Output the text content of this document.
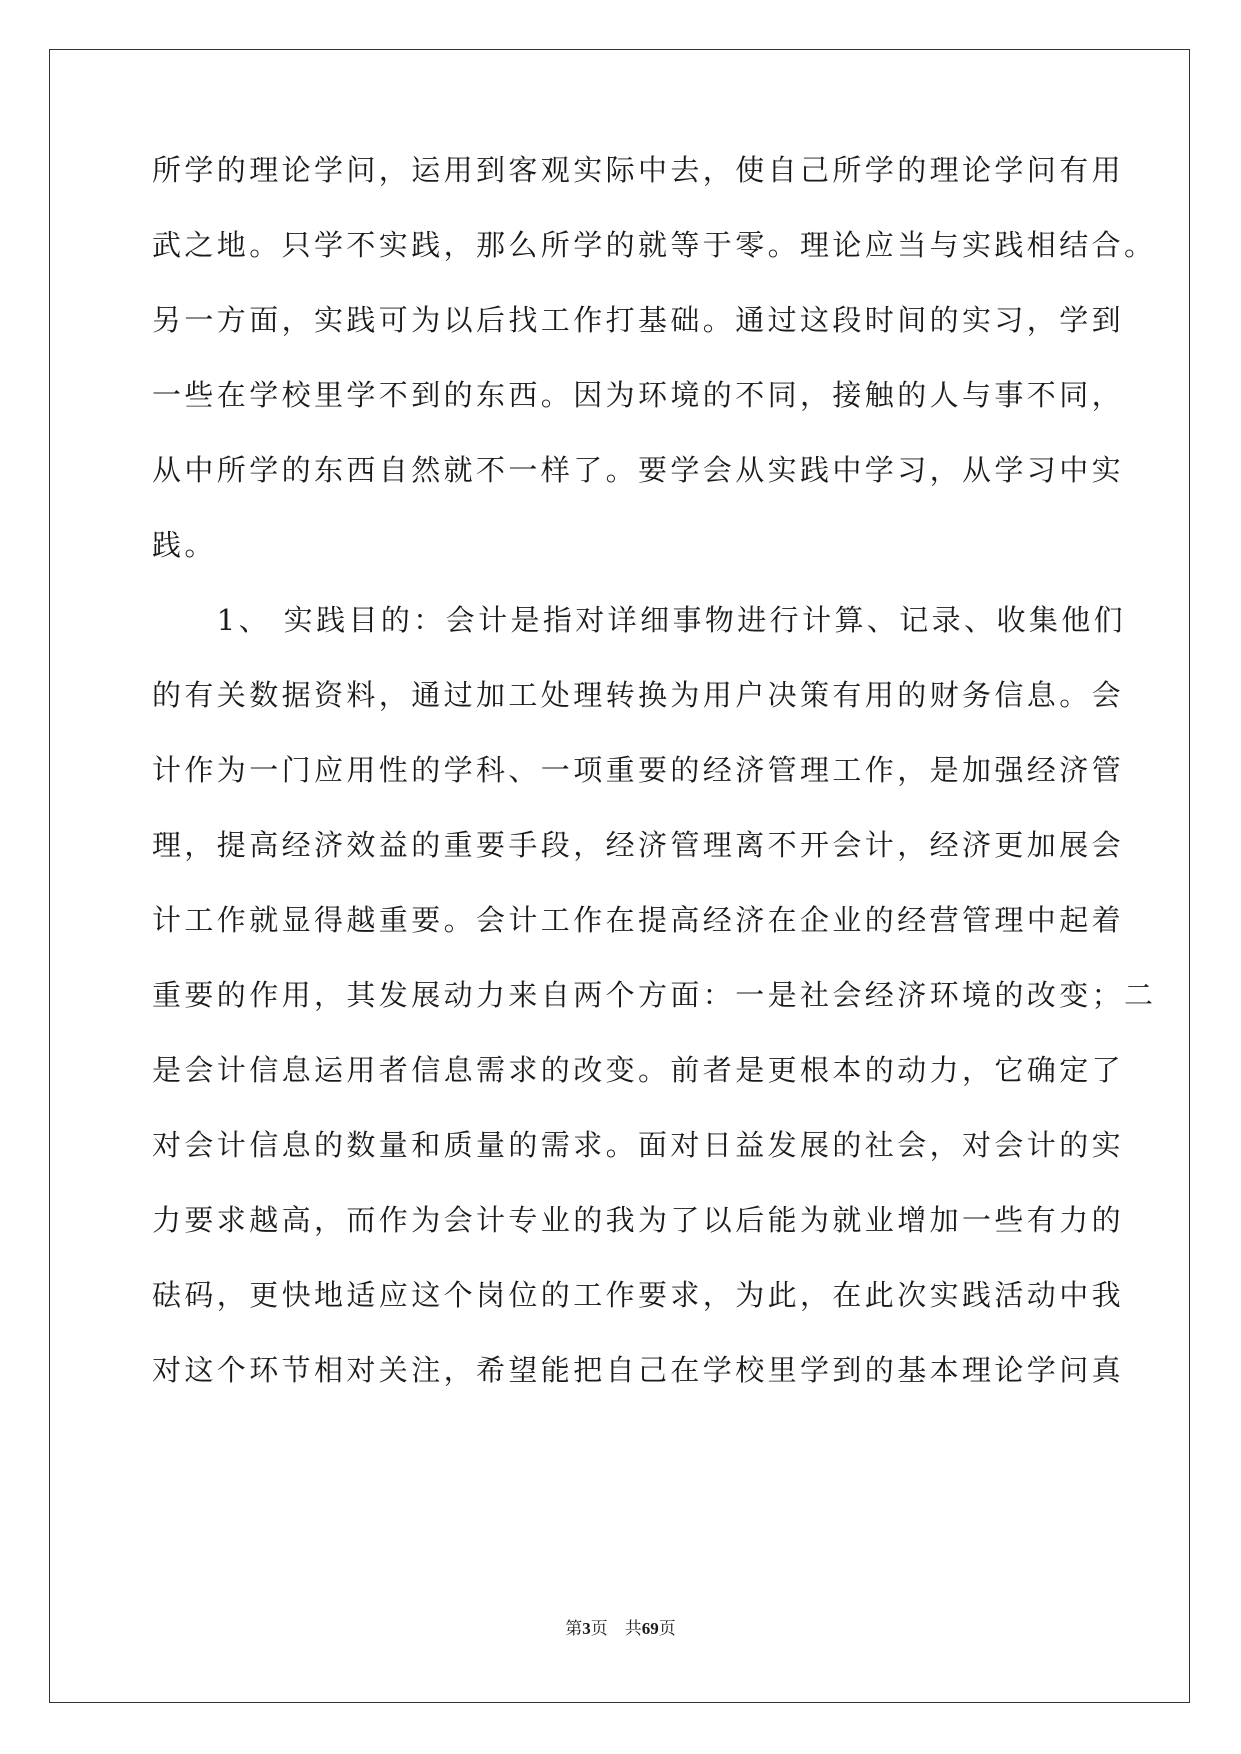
所学的理论学问，运用到客观实际中去，使自己所学的理论学问有用
武之地。只学不实践，那么所学的就等于零。理论应当与实践相结合。
另一方面，实践可为以后找工作打基础。通过这段时间的实习，学到
一些在学校里学不到的东西。因为环境的不同，接触的人与事不同，
从中所学的东西自然就不一样了。要学会从实践中学习，从学习中实
践。
　　1、 实践目的：会计是指对详细事物进行计算、记录、收集他们
的有关数据资料，通过加工处理转换为用户决策有用的财务信息。会
计作为一门应用性的学科、一项重要的经济管理工作，是加强经济管
理，提高经济效益的重要手段，经济管理离不开会计，经济更加展会
计工作就显得越重要。会计工作在提高经济在企业的经营管理中起着
重要的作用，其发展动力来自两个方面：一是社会经济环境的改变；二
是会计信息运用者信息需求的改变。前者是更根本的动力，它确定了
对会计信息的数量和质量的需求。面对日益发展的社会，对会计的实
力要求越高，而作为会计专业的我为了以后能为就业增加一些有力的
砝码，更快地适应这个岗位的工作要求，为此，在此次实践活动中我
对这个环节相对关注，希望能把自己在学校里学到的基本理论学问真
第3页 共69页
